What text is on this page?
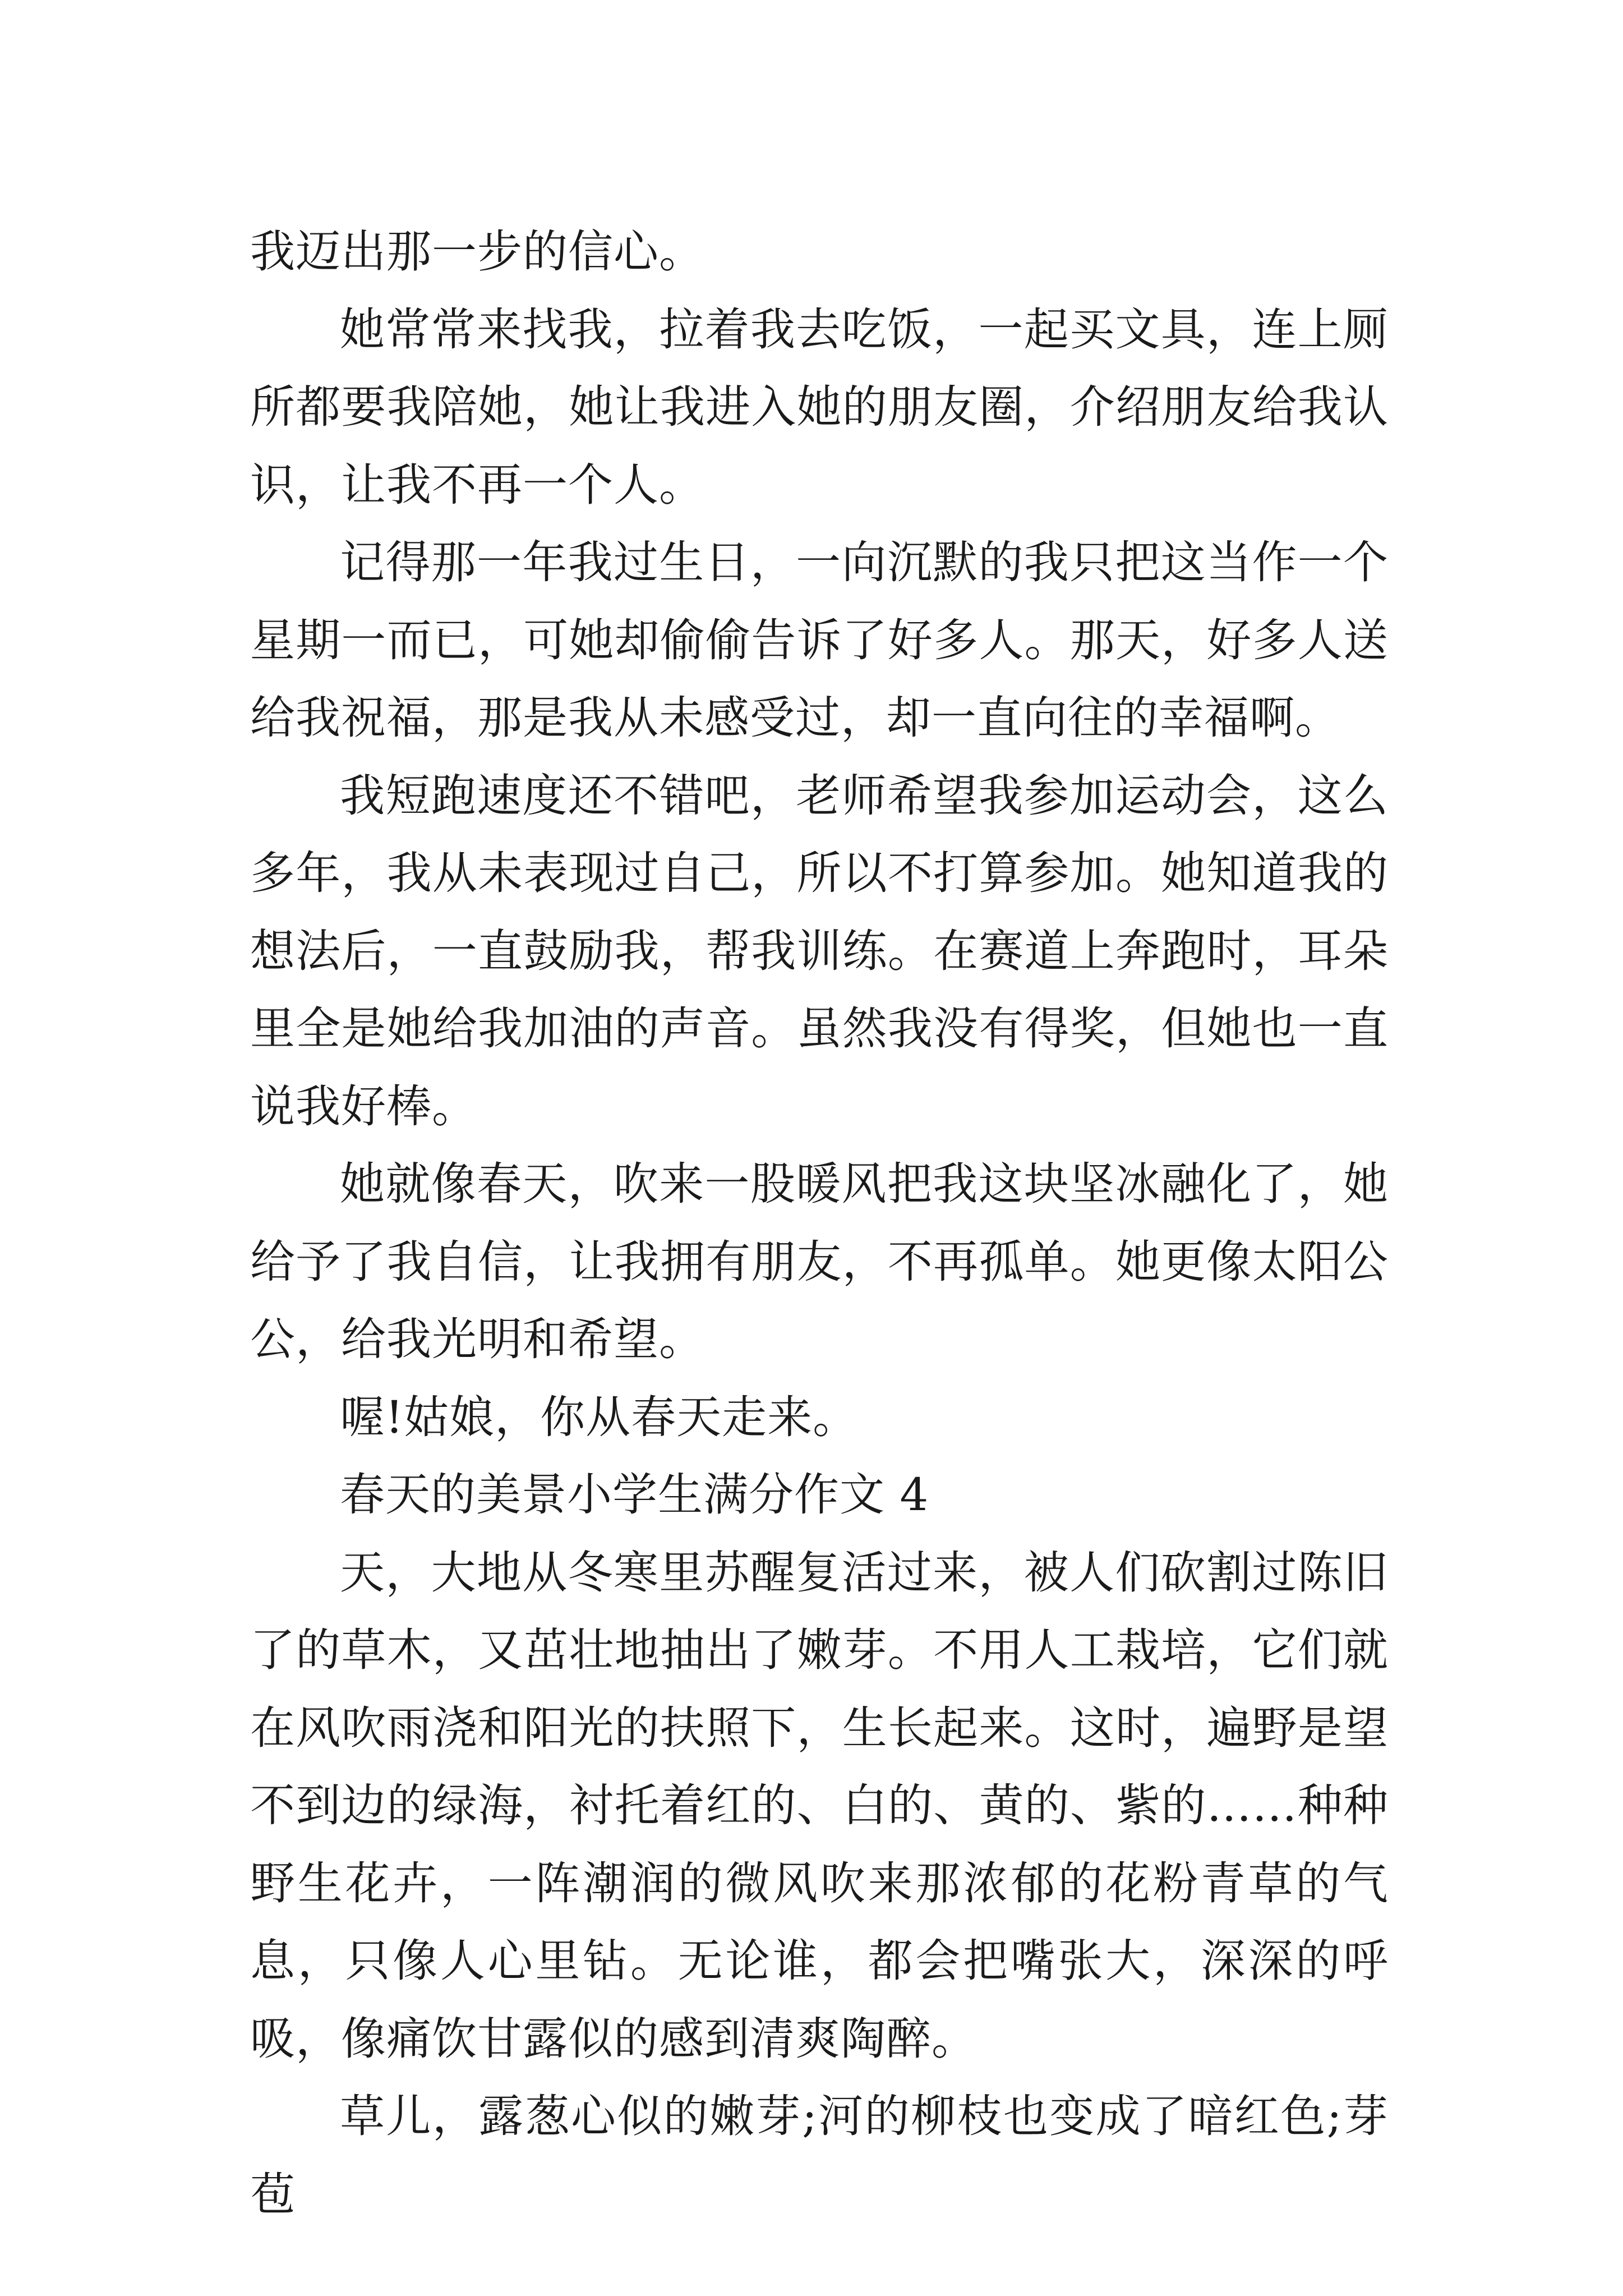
我迈出那一步的信心。

她常常来找我，拉着我去吃饭，一起买文具，连上厕所都要我陪她，她让我进入她的朋友圈，介绍朋友给我认识，让我不再一个人。

记得那一年我过生日，一向沉默的我只把这当作一个星期一而已，可她却偷偷告诉了好多人。那天，好多人送给我祝福，那是我从未感受过，却一直向往的幸福啊。

我短跑速度还不错吧，老师希望我参加运动会，这么多年，我从未表现过自己，所以不打算参加。她知道我的想法后，一直鼓励我，帮我训练。在赛道上奔跑时，耳朵里全是她给我加油的声音。虽然我没有得奖，但她也一直说我好棒。

她就像春天，吹来一股暖风把我这块坚冰融化了，她给予了我自信，让我拥有朋友，不再孤单。她更像太阳公公，给我光明和希望。

喔!姑娘，你从春天走来。

春天的美景小学生满分作文 4

天，大地从冬寒里苏醒复活过来，被人们砍割过陈旧了的草木，又茁壮地抽出了嫩芽。不用人工栽培，它们就在风吹雨浇和阳光的扶照下，生长起来。这时，遍野是望不到边的绿海，衬托着红的、白的、黄的、紫的……种种野生花卉，一阵潮润的微风吹来那浓郁的花粉青草的气息，只像人心里钻。无论谁，都会把嘴张大，深深的呼吸，像痛饮甘露似的感到清爽陶醉。

草儿，露葱心似的嫩芽;河的柳枝也变成了暗红色;芽苞
